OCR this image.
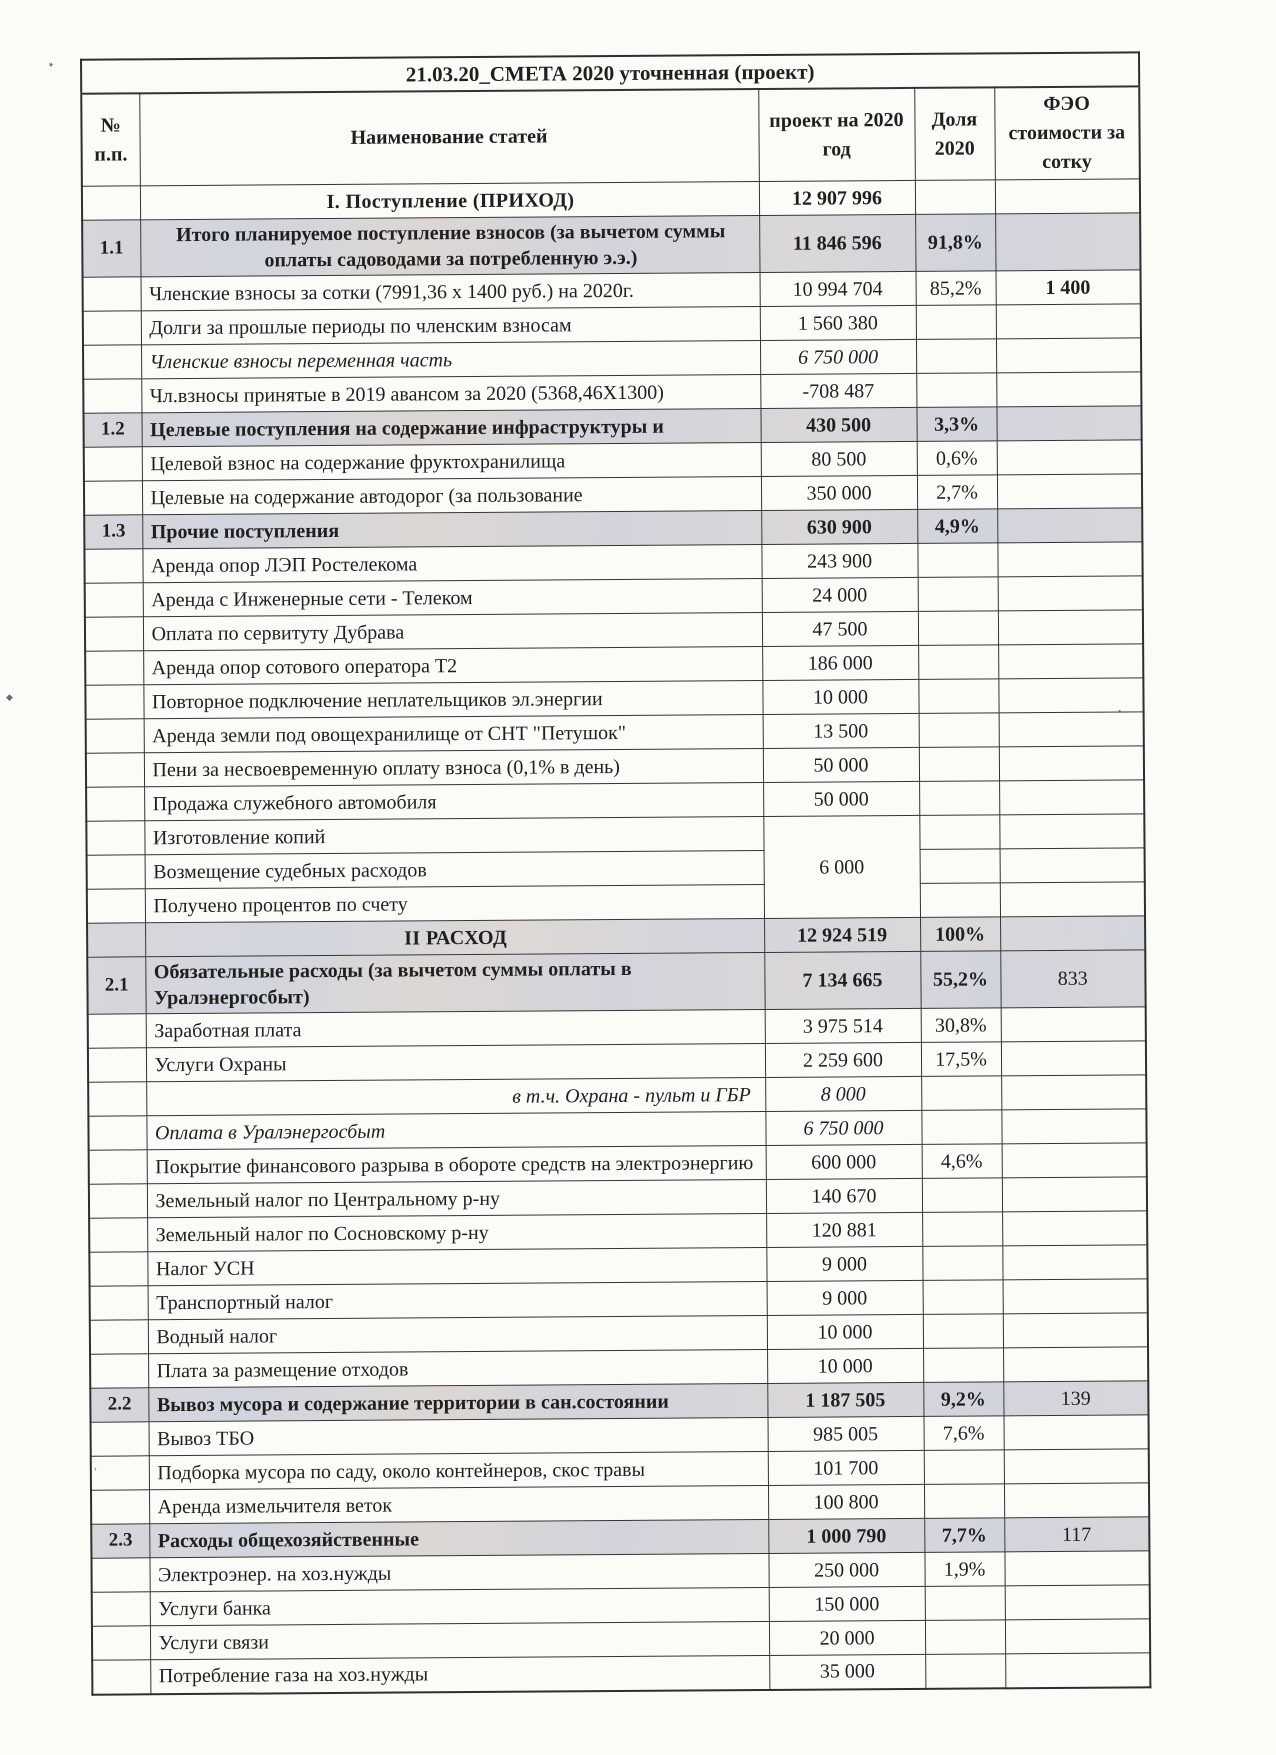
21.03.20_СМЕТА 2020 уточненная (проект)				
№ п.п.	Наименование статей	проект на 2020 год	Доля 2020	ФЭО стоимости за сотку
	I. Поступление (ПРИХОД)	12 907 996		
1.1	Итого планируемое поступление взносов (за вычетом суммы оплаты садоводами за потребленную э.э.)	11 846 596	91,8%	
	Членские взносы за сотки (7991,36 х 1400 руб.) на 2020г.	10 994 704	85,2%	1 400
	Долги за прошлые периоды по членским взносам	1 560 380		
	Членские взносы переменная часть	6 750 000		
	Чл.взносы принятые в 2019 авансом за 2020 (5368,46Х1300)	-708 487		
1.2	Целевые поступления на содержание инфраструктуры и	430 500	3,3%	
	Целевой взнос на содержание фруктохранилища	80 500	0,6%	
	Целевые на содержание автодорог (за пользование	350 000	2,7%	
1.3	Прочие поступления	630 900	4,9%	
	Аренда опор ЛЭП Ростелекома	243 900		
	Аренда с Инженерные сети - Телеком	24 000		
	Оплата по сервитуту Дубрава	47 500		
	Аренда опор сотового оператора Т2	186 000		
	Повторное подключение неплательщиков эл.энергии	10 000		
	Аренда земли под овощехранилище от СНТ "Петушок"	13 500		
	Пени за несвоевременную оплату взноса (0,1% в день)	50 000		
	Продажа служебного автомобиля	50 000		
	Изготовление копий	6 000		
	Возмещение судебных расходов			
	Получено процентов по счету			
	II РАСХОД	12 924 519	100%	
2.1	Обязательные расходы (за вычетом суммы оплаты в Уралэнергосбыт)	7 134 665	55,2%	833
	Заработная плата	3 975 514	30,8%	
	Услуги Охраны	2 259 600	17,5%	
	в т.ч. Охрана - пульт и ГБР	8 000		
	Оплата в Уралэнергосбыт	6 750 000		
	Покрытие финансового разрыва в обороте средств на электроэнергию	600 000	4,6%	
	Земельный налог по Центральному р-ну	140 670		
	Земельный налог по Сосновскому р-ну	120 881		
	Налог УСН	9 000		
	Транспортный налог	9 000		
	Водный налог	10 000		
	Плата за размещение отходов	10 000		
2.2	Вывоз мусора и содержание территории в сан.состоянии	1 187 505	9,2%	139
	Вывоз ТБО	985 005	7,6%	
	Подборка мусора по саду, около контейнеров, скос травы	101 700		
	Аренда измельчителя веток	100 800		
2.3	Расходы общехозяйственные	1 000 790	7,7%	117
	Электроэнер. на хоз.нужды	250 000	1,9%	
	Услуги банка	150 000		
	Услуги связи	20 000		
	Потребление газа на хоз.нужды	35 000		
٭
◆
.
,
